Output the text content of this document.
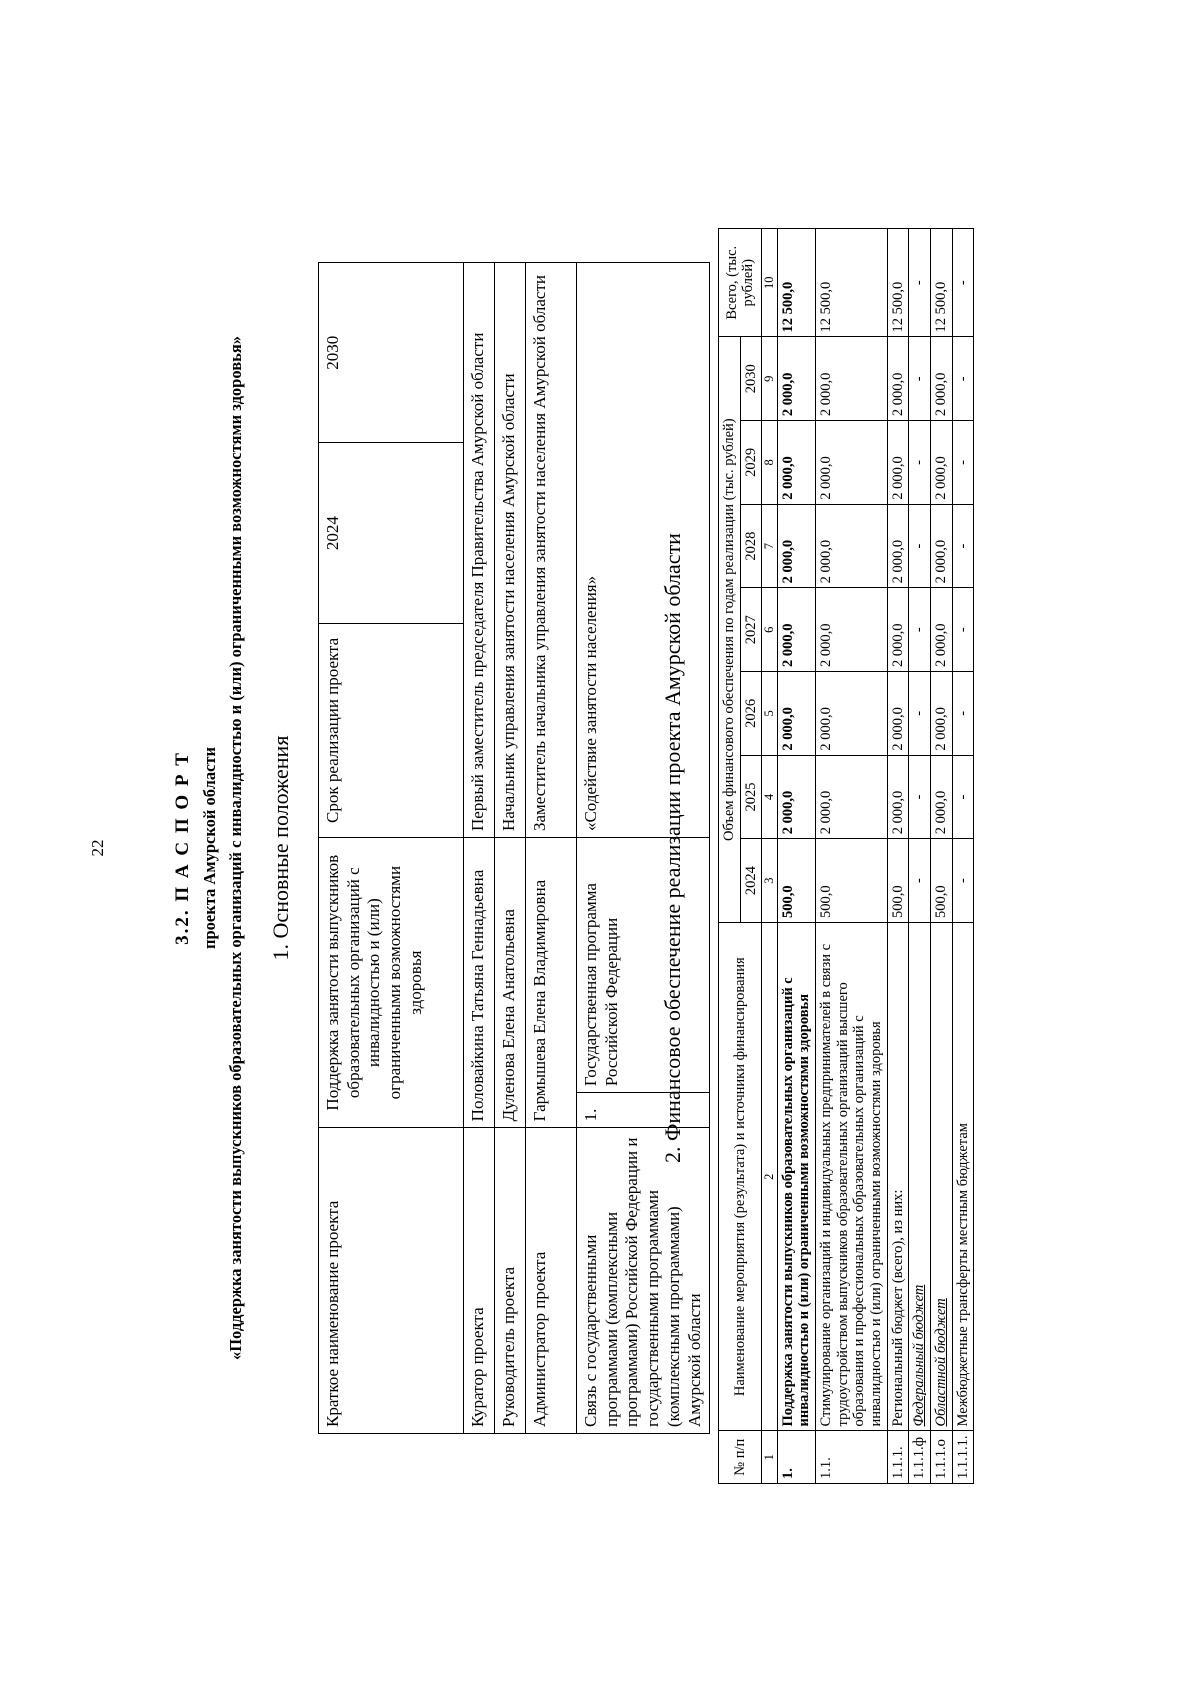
22	3.2. П А С П О Р Т проекта Амурской области «Поддержка занятости выпускников образовательных организаций с инвалидностью и (или) ограниченными возможностями здоровья» 1. Основные положения
Краткое наименование проекта	Поддержка занятости выпускников образовательных организаций с инвалидностью и (или) ограниченными возможностями здоровья		Срок реализации проекта	2024	2030
Куратор проекта	Половайкина Татьяна Геннадьевна		Первый заместитель председателя Правительства Амурской области		
Руководитель проекта	Дуленова Елена Анатольевна		Начальник управления занятости населения Амурской области		
Администратор проекта	Гармышева Елена Владимировна		Заместитель начальника управления занятости населения Амурской области		
Связь с государственными программами (комплексными программами) Российской Федерации и государственными программами (комплексными программами) Амурской области	1.	Государственная программа Российской Федерации	«Содействие занятости населения»			2. Финансовое обеспечение реализации проекта Амурской области
№ п/п	Наименование мероприятия (результата) и источники финансирования	Объем финансового обеспечения по годам реализации (тыс. рублей)							Всего, (тыс. рублей)
		2024	2025	2026	2027	2028	2029	2030	
1	2	3	4	5	6	7	8	9	10
1.	Поддержка занятости выпускников образовательных организаций с инвалидностью и (или) ограниченными возможностями здоровья	500,0	2 000,0	2 000,0	2 000,0	2 000,0	2 000,0	2 000,0	12 500,0
1.1.	Стимулирование организаций и индивидуальных предпринимателей в связи с трудоустройством выпускников образовательных организаций высшего образования и профессиональных образовательных организаций с инвалидностью и (или) ограниченными возможностями здоровья	500,0	2 000,0	2 000,0	2 000,0	2 000,0	2 000,0	2 000,0	12 500,0
1.1.1.	Региональный бюджет (всего), из них:	500,0	2 000,0	2 000,0	2 000,0	2 000,0	2 000,0	2 000,0	12 500,0
1.1.1.ф	Федеральный бюджет	-	-	-	-	-	-	-	-
1.1.1.о	Областной бюджет	500,0	2 000,0	2 000,0	2 000,0	2 000,0	2 000,0	2 000,0	12 500,0
1.1.1.1.	Межбюджетные трансферты местным бюджетам	-	-	-	-	-	-	-	-
